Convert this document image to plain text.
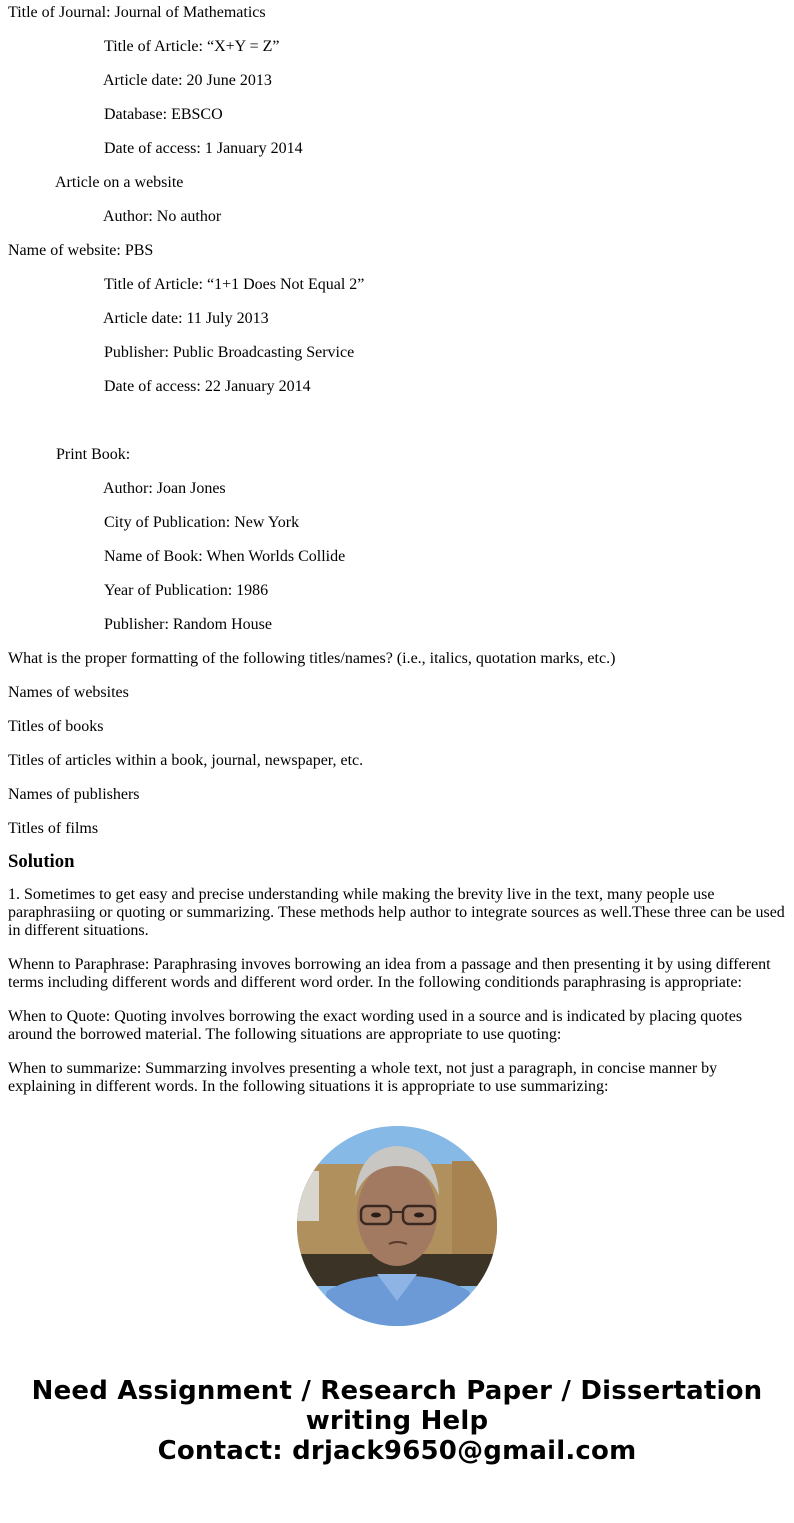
Title of Journal: Journal of Mathematics
Title of Article: “X+Y = Z”
Article date: 20 June 2013
Database: EBSCO
Date of access: 1 January 2014
Article on a website
Author: No author
Name of website: PBS
Title of Article: “1+1 Does Not Equal 2”
Article date: 11 July 2013
Publisher: Public Broadcasting Service
Date of access: 22 January 2014
Print Book:
Author: Joan Jones
City of Publication: New York
Name of Book: When Worlds Collide
Year of Publication: 1986
Publisher: Random House
What is the proper formatting of the following titles/names? (i.e., italics, quotation marks, etc.)
Names of websites
Titles of books
Titles of articles within a book, journal, newspaper, etc.
Names of publishers
Titles of films
Solution

1. Sometimes to get easy and precise understanding while making the brevity live in the text, many people use paraphrasiing or quoting or summarizing. These methods help author to integrate sources as well.These three can be used in different situations.

Whenn to Paraphrase: Paraphrasing invoves borrowing an idea from a passage and then presenting it by using different terms including different words and different word order. In the following conditionds paraphrasing is appropriate:

When to Quote: Quoting involves borrowing the exact wording used in a source and is indicated by placing quotes around the borrowed material. The following situations are appropriate to use quoting:

When to summarize: Summarzing involves presenting a whole text, not just a paragraph, in concise manner by explaining in different words. In the following situations it is appropriate to use summarizing:

Need Assignment / Research Paper / Dissertation
writing Help
Contact: drjack9650@gmail.com
